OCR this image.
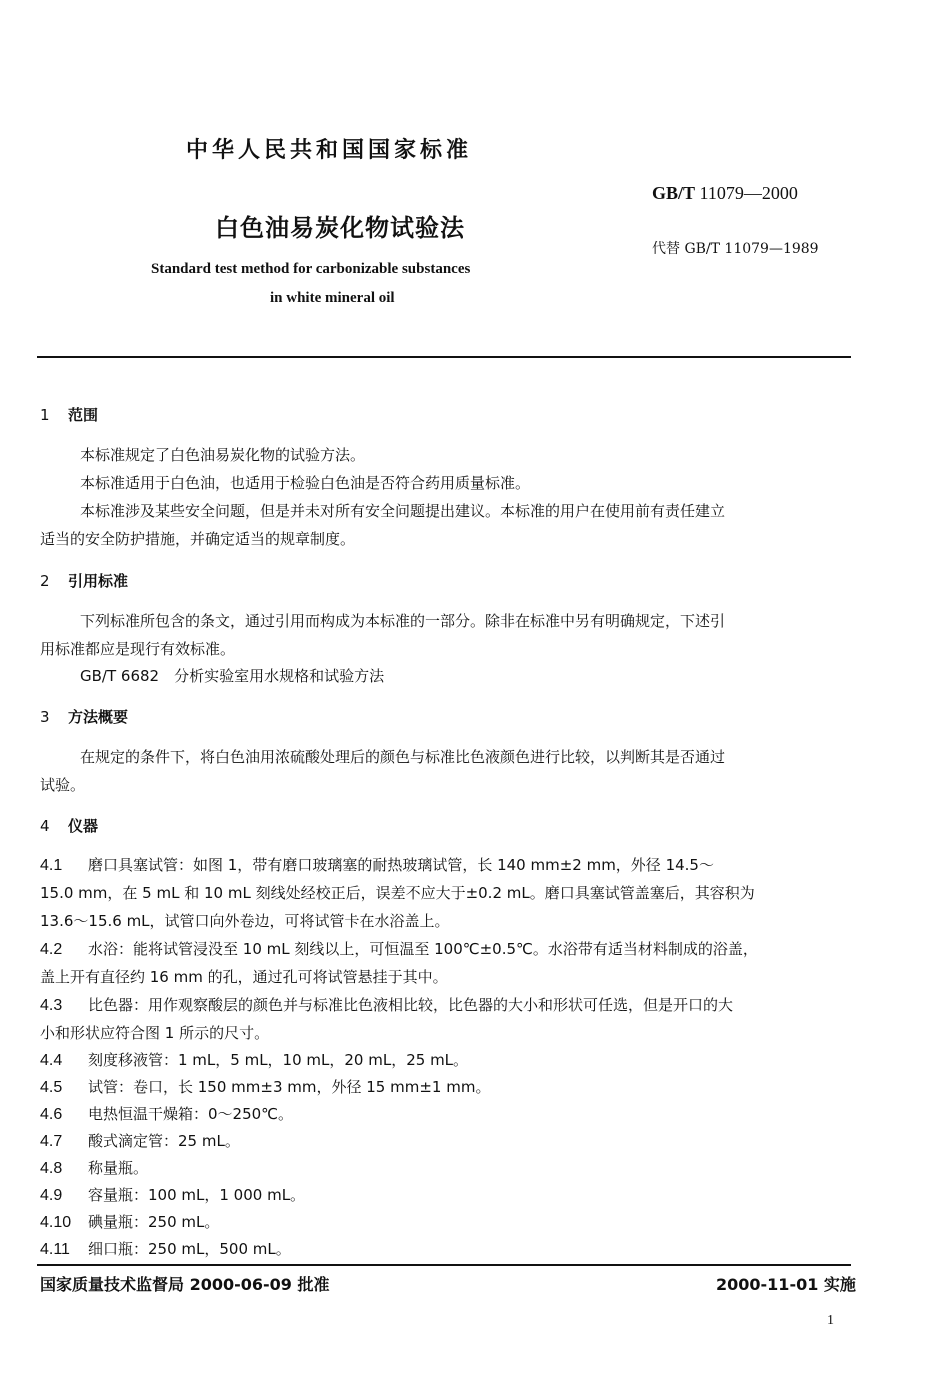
中华人民共和国国家标准
GB/T 11079—2000
白色油易炭化物试验法
代替 GB/T 11079—1989
Standard test method for carbonizable substances
in white mineral oil
1 范围
本标准规定了白色油易炭化物的试验方法。
本标准适用于白色油，也适用于检验白色油是否符合药用质量标准。
本标准涉及某些安全问题，但是并未对所有安全问题提出建议。本标准的用户在使用前有责任建立
适当的安全防护措施，并确定适当的规章制度。
2 引用标准
下列标准所包含的条文，通过引用而构成为本标准的一部分。除非在标准中另有明确规定，下述引
用标准都应是现行有效标准。
GB/T 6682　分析实验室用水规格和试验方法
3 方法概要
在规定的条件下，将白色油用浓硫酸处理后的颜色与标准比色液颜色进行比较，以判断其是否通过
试验。
4 仪器
4.1 磨口具塞试管：如图 1，带有磨口玻璃塞的耐热玻璃试管，长 140 mm±2 mm，外径 14.5～
15.0 mm，在 5 mL 和 10 mL 刻线处经校正后，误差不应大于±0.2 mL。磨口具塞试管盖塞后，其容积为
13.6～15.6 mL，试管口向外卷边，可将试管卡在水浴盖上。
4.2 水浴：能将试管浸没至 10 mL 刻线以上，可恒温至 100℃±0.5℃。水浴带有适当材料制成的浴盖，
盖上开有直径约 16 mm 的孔，通过孔可将试管悬挂于其中。
4.3 比色器：用作观察酸层的颜色并与标准比色液相比较，比色器的大小和形状可任选，但是开口的大
小和形状应符合图 1 所示的尺寸。
4.4 刻度移液管：1 mL，5 mL，10 mL，20 mL，25 mL。
4.5 试管：卷口，长 150 mm±3 mm，外径 15 mm±1 mm。
4.6 电热恒温干燥箱：0～250℃。
4.7 酸式滴定管：25 mL。
4.8 称量瓶。
4.9 容量瓶：100 mL，1 000 mL。
4.10 碘量瓶：250 mL。
4.11 细口瓶：250 mL，500 mL。
国家质量技术监督局 2000-06-09 批准	2000-11-01 实施
1
